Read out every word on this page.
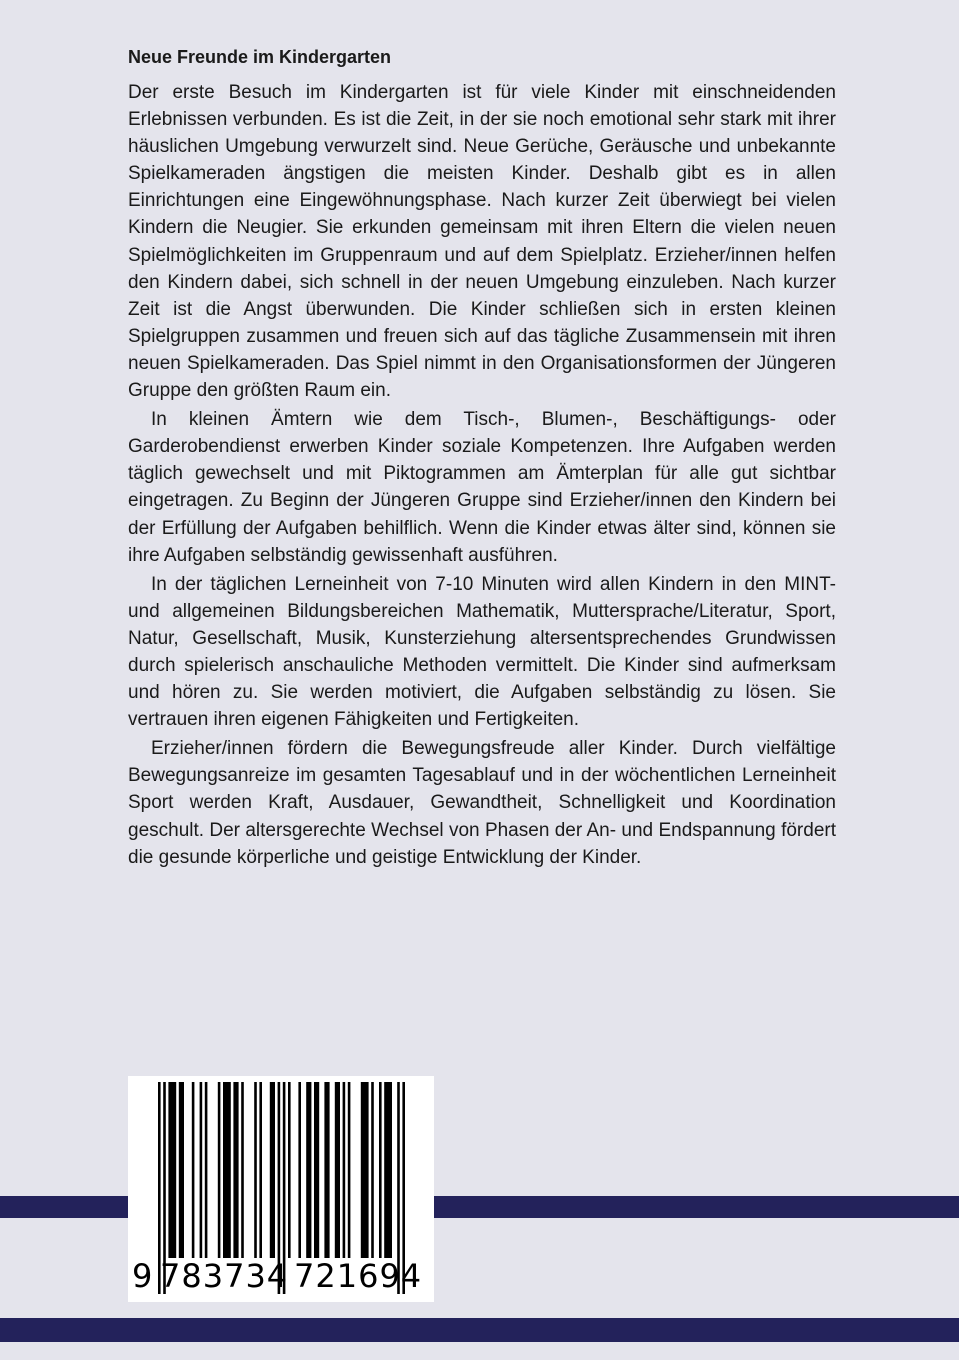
Neue Freunde im Kindergarten

Der erste Besuch im Kindergarten ist für viele Kinder mit einschneidenden Erlebnissen verbunden. Es ist die Zeit, in der sie noch emotional sehr stark mit ihrer häuslichen Umgebung verwurzelt sind. Neue Gerüche, Geräusche und unbekannte Spielkameraden ängstigen die meisten Kinder. Deshalb gibt es in allen Einrichtungen eine Eingewöhnungsphase. Nach kurzer Zeit überwiegt bei vielen Kindern die Neugier. Sie erkunden gemeinsam mit ihren Eltern die vielen neuen Spielmöglichkeiten im Gruppenraum und auf dem Spielplatz. Erzieher/innen helfen den Kindern dabei, sich schnell in der neuen Umgebung einzuleben. Nach kurzer Zeit ist die Angst überwunden. Die Kinder schließen sich in ersten kleinen Spielgruppen zusammen und freuen sich auf das tägliche Zusammensein mit ihren neuen Spielkameraden. Das Spiel nimmt in den Organisationsformen der Jüngeren Gruppe den größten Raum ein.

In kleinen Ämtern wie dem Tisch-, Blumen-, Beschäftigungs- oder Garderobendienst erwerben Kinder soziale Kompetenzen. Ihre Aufgaben werden täglich gewechselt und mit Piktogrammen am Ämterplan für alle gut sichtbar eingetragen. Zu Beginn der Jüngeren Gruppe sind Erzieher/innen den Kindern bei der Erfüllung der Aufgaben behilflich. Wenn die Kinder etwas älter sind, können sie ihre Aufgaben selbständig gewissenhaft ausführen.

In der täglichen Lerneinheit von 7-10 Minuten wird allen Kindern in den MINT- und allgemeinen Bildungsbereichen Mathematik, Muttersprache/Literatur, Sport, Natur, Gesellschaft, Musik, Kunsterziehung altersentsprechendes Grundwissen durch spielerisch anschauliche Methoden vermittelt. Die Kinder sind aufmerksam und hören zu. Sie werden motiviert, die Aufgaben selbständig zu lösen. Sie vertrauen ihren eigenen Fähigkeiten und Fertigkeiten.

Erzieher/innen fördern die Bewegungsfreude aller Kinder. Durch vielfältige Bewegungsanreize im gesamten Tagesablauf und in der wöchentlichen Lerneinheit Sport werden Kraft, Ausdauer, Gewandtheit, Schnelligkeit und Koordination geschult. Der altersgerechte Wechsel von Phasen der An- und Endspannung fördert die gesunde körperliche und geistige Entwicklung der Kinder.

9 783734 721694
